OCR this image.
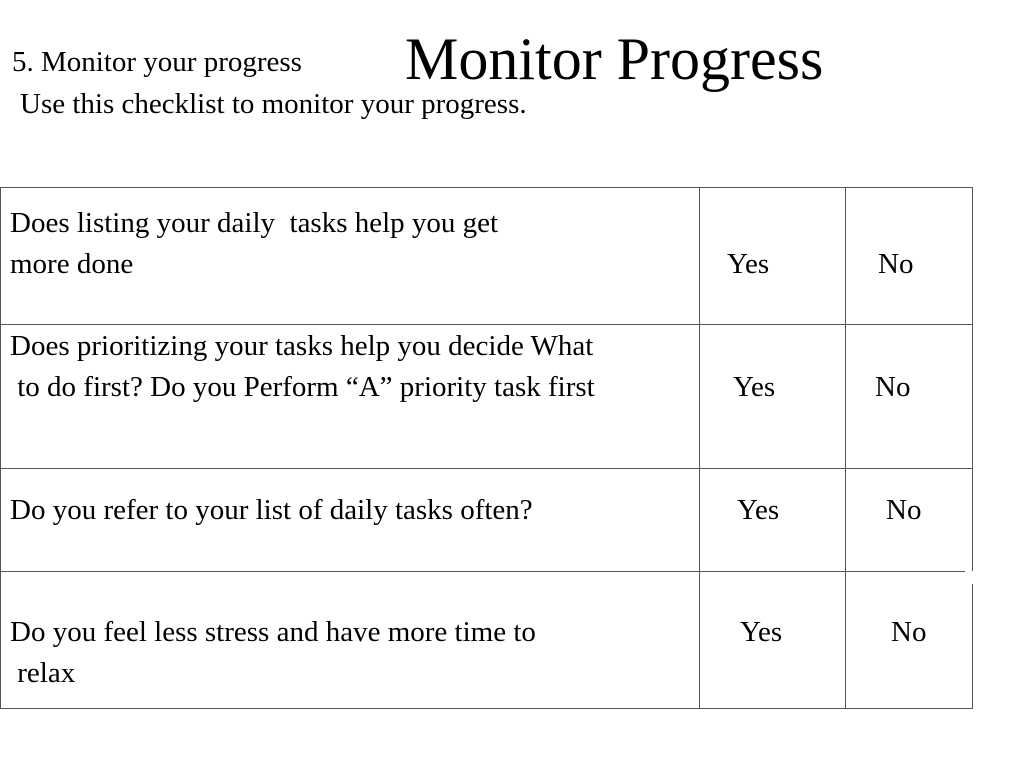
Monitor Progress
5. Monitor your progress
Use this checklist to monitor your progress.
Does listing your daily  tasks help you get
more done	Yes	No
Does prioritizing your tasks help you decide What
to do first? Do you Perform “A” priority task first	Yes	No
Do you refer to your list of daily tasks often?	Yes	No
Do you feel less stress and have more time to
relax
Yes	No
